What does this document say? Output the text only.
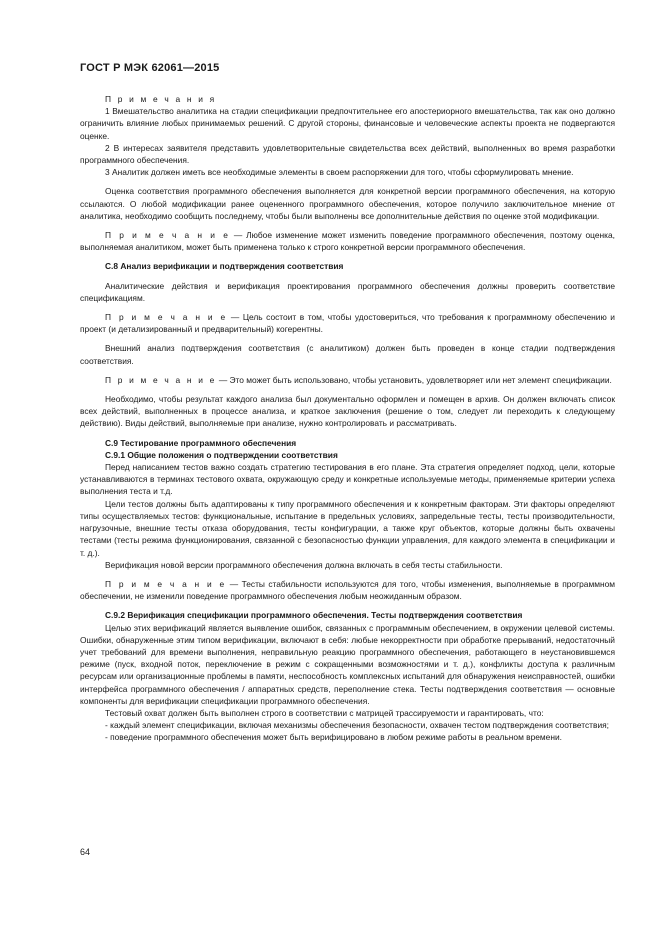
ГОСТ Р МЭК 62061—2015

П р и м е ч а н и я

1 Вмешательство аналитика на стадии спецификации предпочтительнее его апостериорного вмешательства, так как оно должно ограничить влияние любых принимаемых решений. С другой стороны, финансовые и человеческие аспекты проекта не подвергаются оценке.

2 В интересах заявителя представить удовлетворительные свидетельства всех действий, выполненных во время разработки программного обеспечения.

3 Аналитик должен иметь все необходимые элементы в своем распоряжении для того, чтобы сформулировать мнение.

Оценка соответствия программного обеспечения выполняется для конкретной версии программного обеспечения, на которую ссылаются. О любой модификации ранее оцененного программного обеспечения, которое получило заключительное мнение от аналитика, необходимо сообщить последнему, чтобы были выполнены все дополнительные действия по оценке этой модификации.

П р и м е ч а н и е — Любое изменение может изменить поведение программного обеспечения, поэтому оценка, выполняемая аналитиком, может быть применена только к строго конкретной версии программного обеспечения.

С.8 Анализ верификации и подтверждения соответствия

Аналитические действия и верификация проектирования программного обеспечения должны проверить соответствие спецификациям.

П р и м е ч а н и е — Цель состоит в том, чтобы удостовериться, что требования к программному обеспечению и проект (и детализированный и предварительный) когерентны.

Внешний анализ подтверждения соответствия (с аналитиком) должен быть проведен в конце стадии подтверждения соответствия.

П р и м е ч а н и е — Это может быть использовано, чтобы установить, удовлетворяет или нет элемент спецификации.

Необходимо, чтобы результат каждого анализа был документально оформлен и помещен в архив. Он должен включать список всех действий, выполненных в процессе анализа, и краткое заключения (решение о том, следует ли переходить к следующему действию). Виды действий, выполняемые при анализе, нужно контролировать и рассматривать.

С.9 Тестирование программного обеспечения

С.9.1 Общие положения о подтверждении соответствия

Перед написанием тестов важно создать стратегию тестирования в его плане. Эта стратегия определяет подход, цели, которые устанавливаются в терминах тестового охвата, окружающую среду и конкретные используемые методы, применяемые критерии успеха выполнения теста и т.д.

Цели тестов должны быть адаптированы к типу программного обеспечения и к конкретным факторам. Эти факторы определяют типы осуществляемых тестов: функциональные, испытание в предельных условиях, запредельные тесты, тесты производительности, нагрузочные, внешние тесты отказа оборудования, тесты конфигурации, а также круг объектов, которые должны быть охвачены тестами (тесты режима функционирования, связанной с безопасностью функции управления, для каждого элемента в спецификации и т. д.).

Верификация новой версии программного обеспечения должна включать в себя тесты стабильности.

П р и м е ч а н и е — Тесты стабильности используются для того, чтобы изменения, выполняемые в программном обеспечении, не изменили поведение программного обеспечения любым неожиданным образом.

С.9.2 Верификация спецификации программного обеспечения. Тесты подтверждения соответствия

Целью этих верификаций является выявление ошибок, связанных с программным обеспечением, в окружении целевой системы. Ошибки, обнаруженные этим типом верификации, включают в себя: любые некорректности при обработке прерываний, недостаточный учет требований для времени выполнения, неправильную реакцию программного обеспечения, работающего в неустановившемся режиме (пуск, входной поток, переключение в режим с сокращенными возможностями и т. д.), конфликты доступа к различным ресурсам или организационные проблемы в памяти, неспособность комплексных испытаний для обнаружения неисправностей, ошибки интерфейса программного обеспечения / аппаратных средств, переполнение стека. Тесты подтверждения соответствия — основные компоненты для верификации спецификации программного обеспечения.

Тестовый охват должен быть выполнен строго в соответствии с матрицей трассируемости и гарантировать, что:

- каждый элемент спецификации, включая механизмы обеспечения безопасности, охвачен тестом подтверждения соответствия;

- поведение программного обеспечения может быть верифицировано в любом режиме работы в реальном времени.

64
